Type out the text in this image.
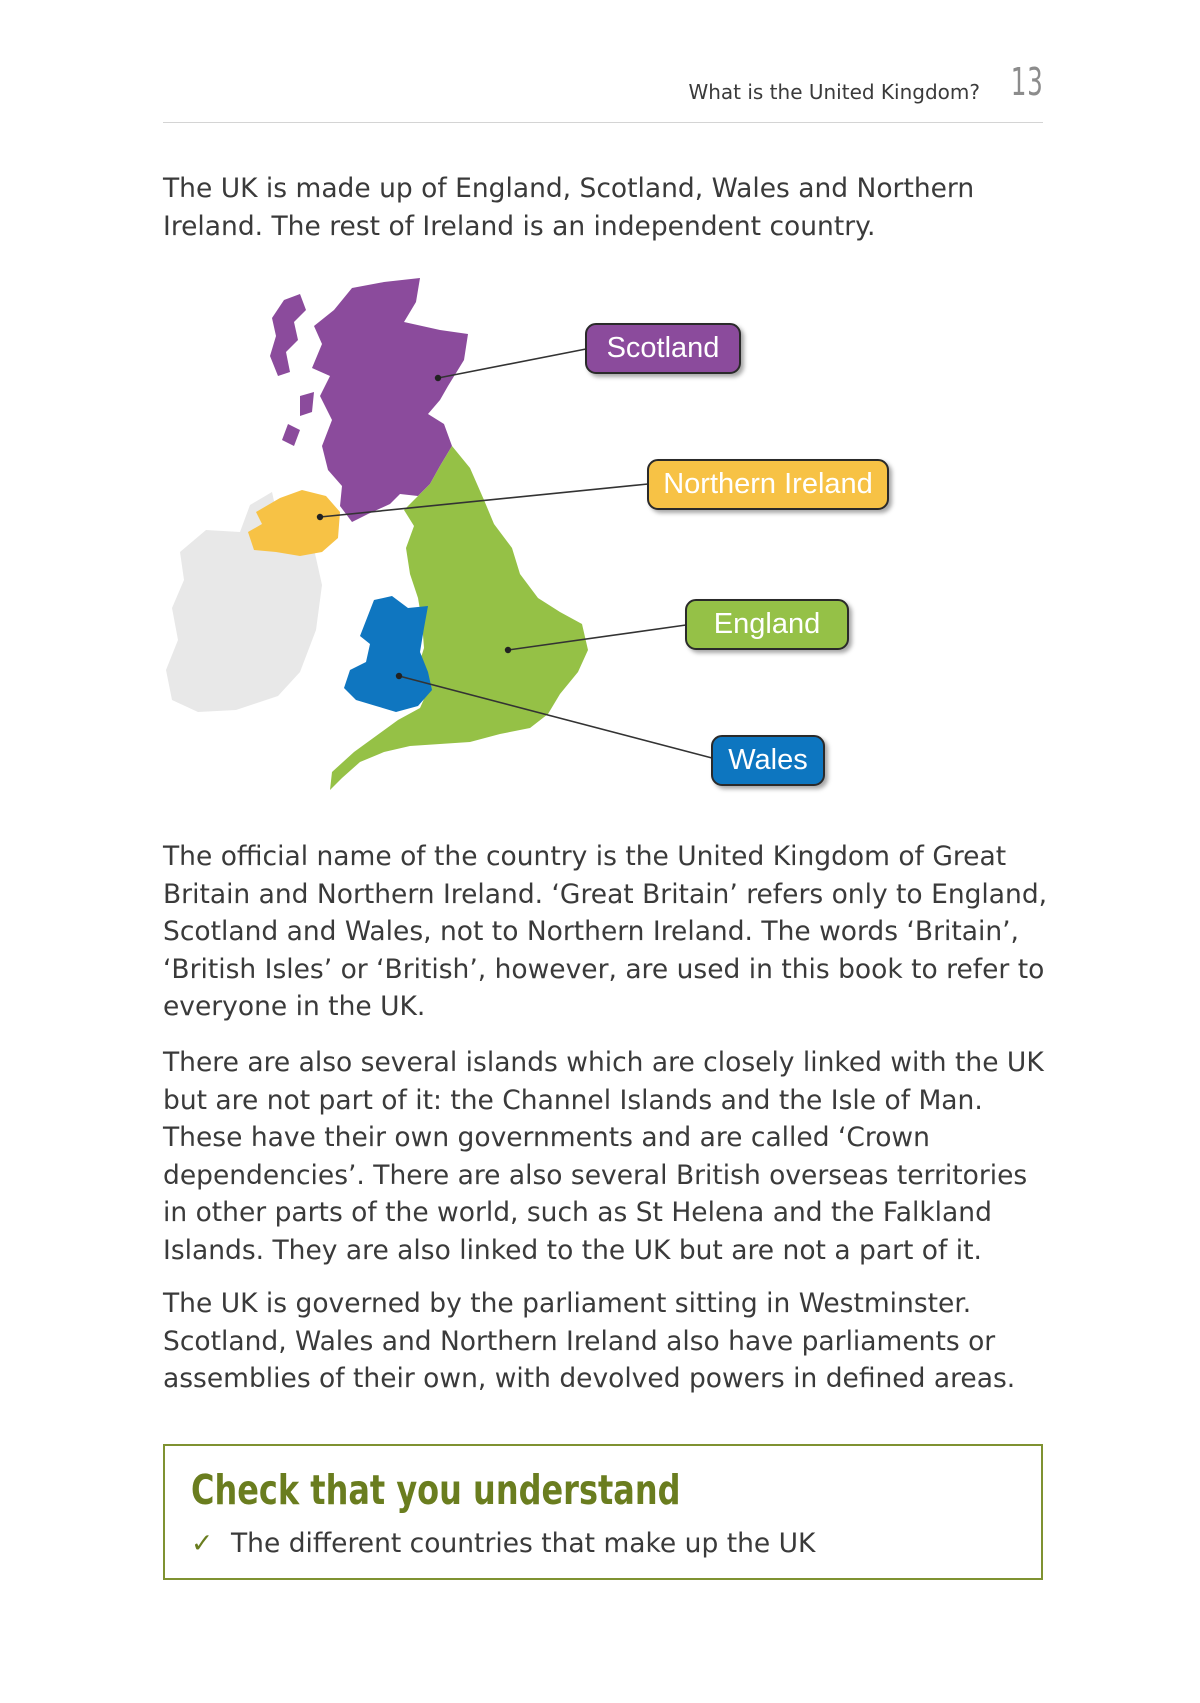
What is the United Kingdom? 13

The UK is made up of England, Scotland, Wales and Northern Ireland. The rest of Ireland is an independent country.

Scotland
Northern Ireland
England
Wales

The official name of the country is the United Kingdom of Great Britain and Northern Ireland. ‘Great Britain’ refers only to England, Scotland and Wales, not to Northern Ireland. The words ‘Britain’, ‘British Isles’ or ‘British’, however, are used in this book to refer to everyone in the UK.

There are also several islands which are closely linked with the UK but are not part of it: the Channel Islands and the Isle of Man. These have their own governments and are called ‘Crown dependencies’. There are also several British overseas territories in other parts of the world, such as St Helena and the Falkland Islands. They are also linked to the UK but are not a part of it.

The UK is governed by the parliament sitting in Westminster. Scotland, Wales and Northern Ireland also have parliaments or assemblies of their own, with devolved powers in defined areas.

Check that you understand
✓ The different countries that make up the UK
